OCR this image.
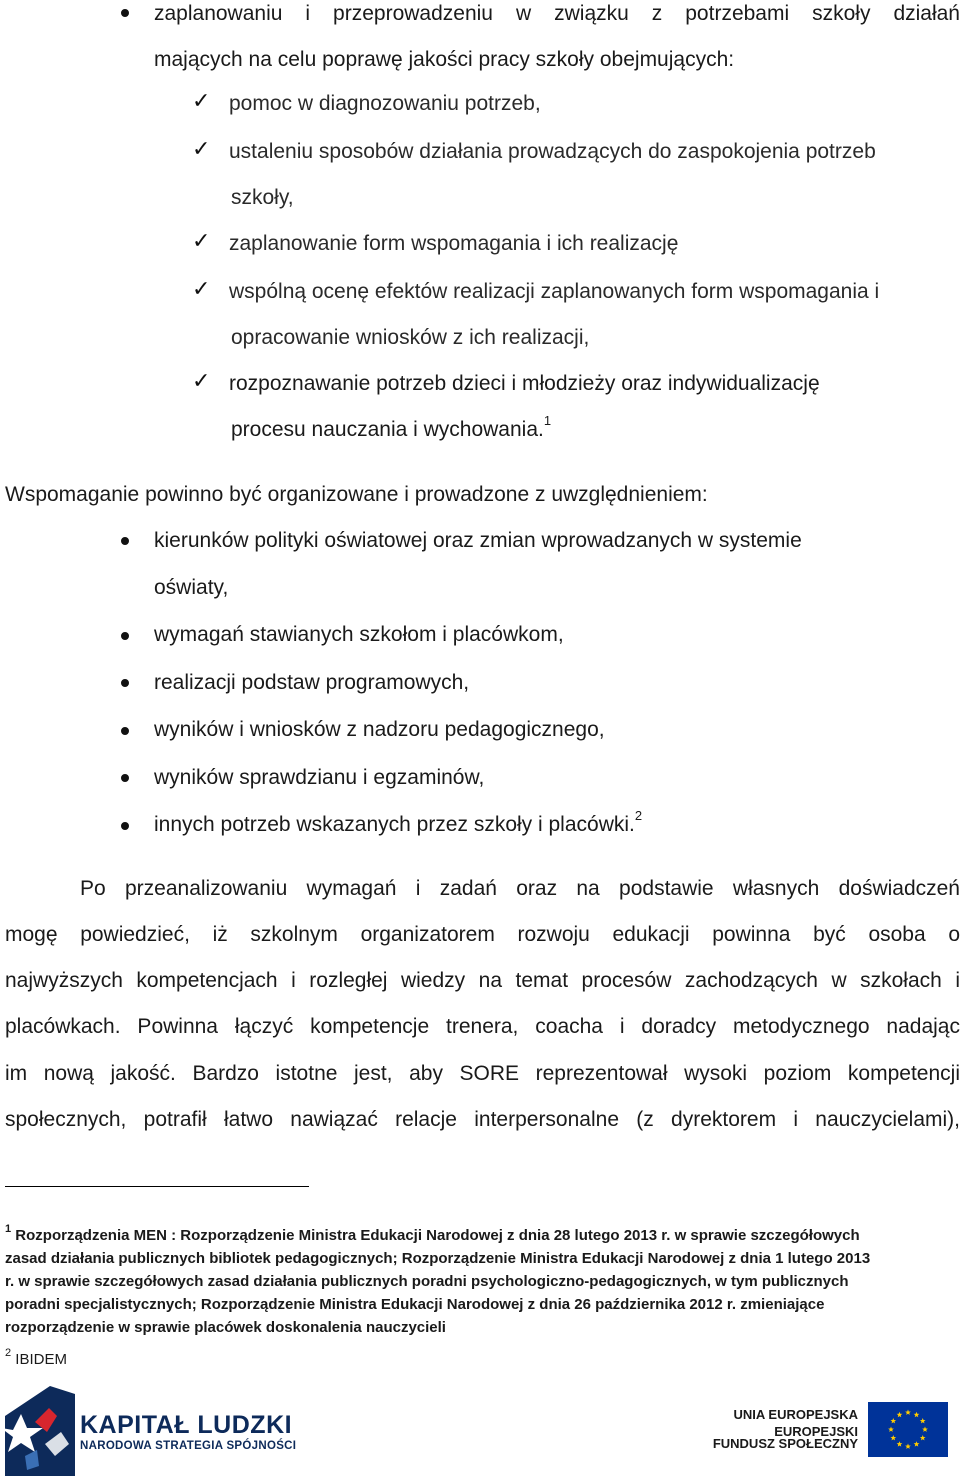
zaplanowaniu i przeprowadzeniu w związku z potrzebami szkoły działań
mających na celu poprawę jakości pracy szkoły obejmujących:
✓ pomoc w diagnozowaniu potrzeb,
✓ ustaleniu sposobów działania prowadzących do zaspokojenia potrzeb
szkoły,
✓ zaplanowanie form wspomagania i ich realizację
✓ wspólną ocenę efektów realizacji zaplanowanych form wspomagania i
opracowanie wniosków z ich realizacji,
✓ rozpoznawanie potrzeb dzieci i młodzieży oraz indywidualizację
procesu nauczania i wychowania.$^1$
Wspomaganie powinno być organizowane i prowadzone z uwzględnieniem:
kierunków polityki oświatowej oraz zmian wprowadzanych w systemie
oświaty,
wymagań stawianych szkołom i placówkom,
realizacji podstaw programowych,
wyników i wniosków z nadzoru pedagogicznego,
wyników sprawdzianu i egzaminów,
innych potrzeb wskazanych przez szkoły i placówki.$^2$
Po przeanalizowaniu wymagań i zadań oraz na podstawie własnych doświadczeń
mogę powiedzieć, iż szkolnym organizatorem rozwoju edukacji powinna być osoba o
najwyższych kompetencjach i rozległej wiedzy na temat procesów zachodzących w szkołach i
placówkach. Powinna łączyć kompetencje trenera, coacha i doradcy metodycznego nadając
im nową jakość. Bardzo istotne jest, aby SORE reprezentował wysoki poziom kompetencji
społecznych, potrafił łatwo nawiązać relacje interpersonalne (z dyrektorem i nauczycielami),
$^1$ Rozporządzenia MEN : Rozporządzenie Ministra Edukacji Narodowej z dnia 28 lutego 2013 r. w sprawie szczegółowych
zasad działania publicznych bibliotek pedagogicznych; Rozporządzenie Ministra Edukacji Narodowej z dnia 1 lutego 2013
r. w sprawie szczegółowych zasad działania publicznych poradni psychologiczno-pedagogicznych, w tym publicznych
poradni specjalistycznych; Rozporządzenie Ministra Edukacji Narodowej z dnia 26 października 2012 r. zmieniające
rozporządzenie w sprawie placówek doskonalenia nauczycieli
$^2$ IBIDEM
KAPITAŁ LUDZKI
NARODOWA STRATEGIA SPÓJNOŚCI
UNIA EUROPEJSKA
EUROPEJSKI
FUNDUSZ SPOŁECZNY
